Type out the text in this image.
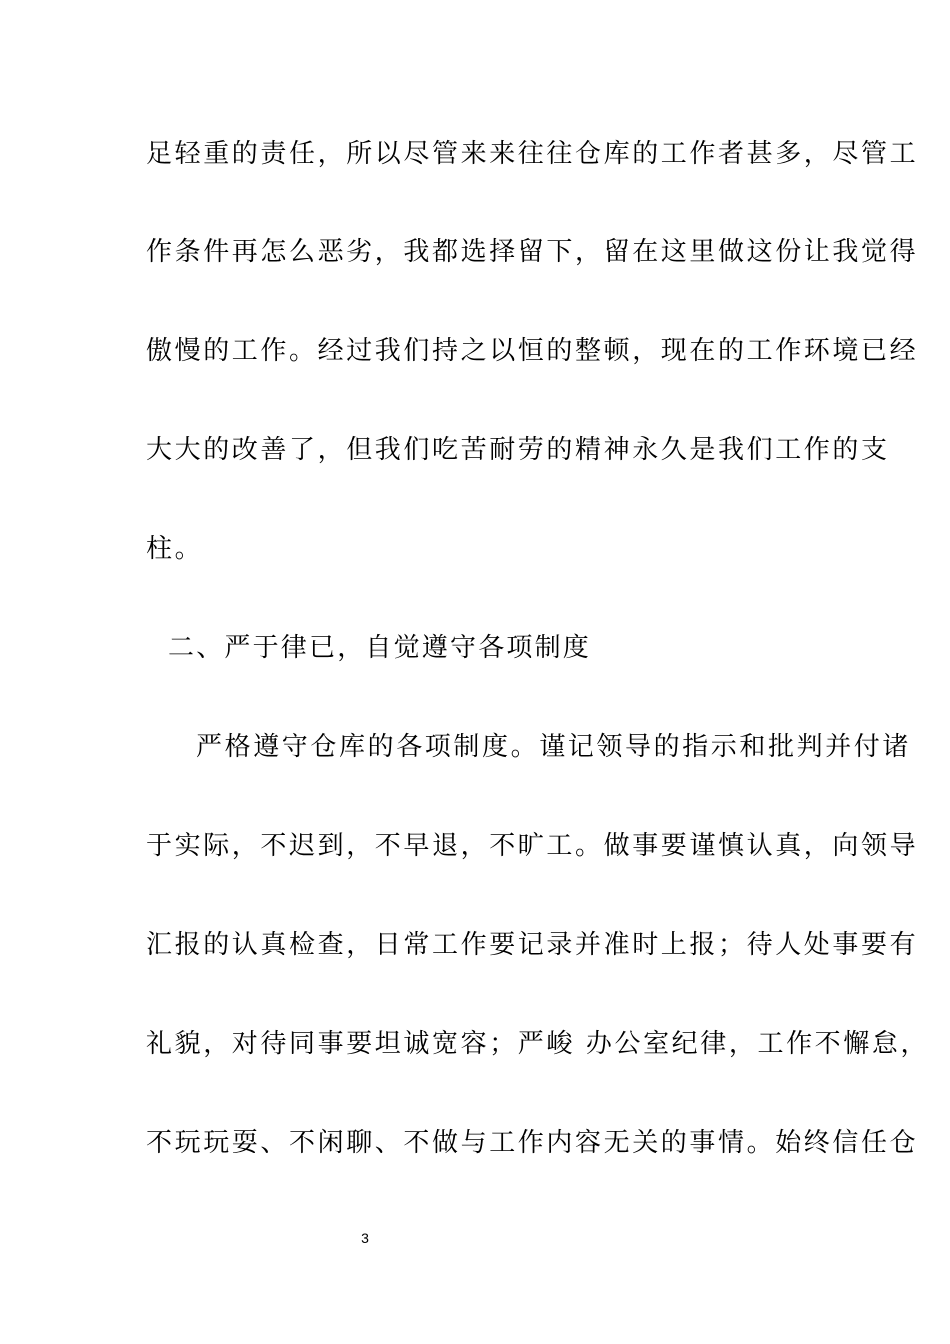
足轻重的责任，所以尽管来来往往仓库的工作者甚多，尽管工
作条件再怎么恶劣，我都选择留下，留在这里做这份让我觉得
傲慢的工作。经过我们持之以恒的整顿，现在的工作环境已经
大大的改善了，但我们吃苦耐劳的精神永久是我们工作的支
柱。
二、严于律已，自觉遵守各项制度
严格遵守仓库的各项制度。谨记领导的指示和批判并付诸
于实际，不迟到，不早退，不旷工。做事要谨慎认真，向领导
汇报的认真检查，日常工作要记录并准时上报；待人处事要有
礼貌，对待同事要坦诚宽容；严峻 办公室纪律，工作不懈怠，
不玩玩耍、不闲聊、不做与工作内容无关的事情。始终信任仓
3
